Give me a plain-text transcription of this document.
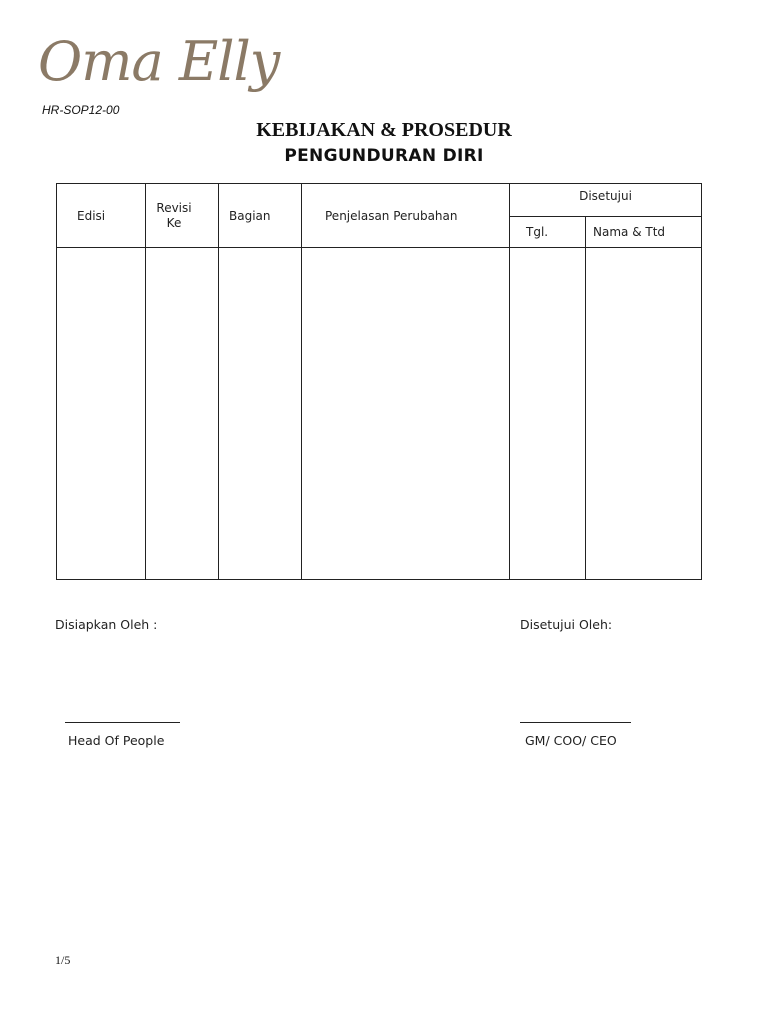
Oma Elly
HR-SOP12-00
KEBIJAKAN & PROSEDUR
PENGUNDURAN DIRI
Edisi	Revisi Ke	Bagian	Penjelasan Perubahan	Disetujui	

				Tgl.	Nama & Ttd

Disiapkan Oleh :	Disetujui Oleh:
Head Of People	GM/ COO/ CEO
1/5
